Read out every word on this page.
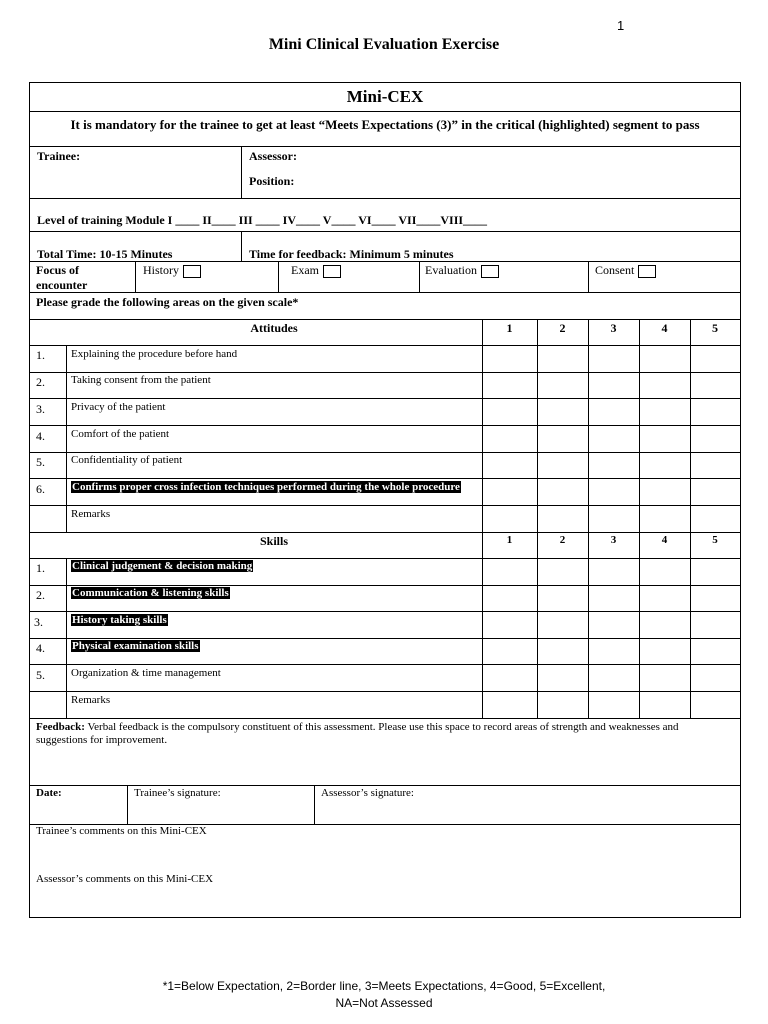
1
Mini Clinical Evaluation Exercise
Mini-CEX
It is mandatory for the trainee to get at least “Meets Expectations (3)” in the critical (highlighted) segment to pass
Trainee:	Assessor:
Position:
Level of training Module I ____ II____ III ____ IV____ V____ VI____ VII____VIII____
Total Time: 10-15 Minutes	Time for feedback: Minimum 5 minutes
Focus of
encounter
History	Exam	Evaluation	Consent
Please grade the following areas on the given scale*
Attitudes	1	2	3	4	5
1. Explaining the procedure before hand
2. Taking consent from the patient
3. Privacy of the patient
4. Comfort of the patient
5. Confidentiality of patient
6. Confirms proper cross infection techniques performed during the whole procedure
Remarks
Skills	1	2	3	4	5
1. Clinical judgement & decision making
2. Communication & listening skills
3.	History taking skills
4. Physical examination skills
5. Organization & time management
Remarks
Feedback: Verbal feedback is the compulsory constituent of this assessment. Please use this space to record areas of strength and weaknesses and
suggestions for improvement.
Date:	Trainee’s signature:	Assessor’s signature:
Trainee’s comments on this Mini-CEX
Assessor’s comments on this Mini-CEX
*1=Below Expectation, 2=Border line, 3=Meets Expectations, 4=Good, 5=Excellent,
NA=Not Assessed
